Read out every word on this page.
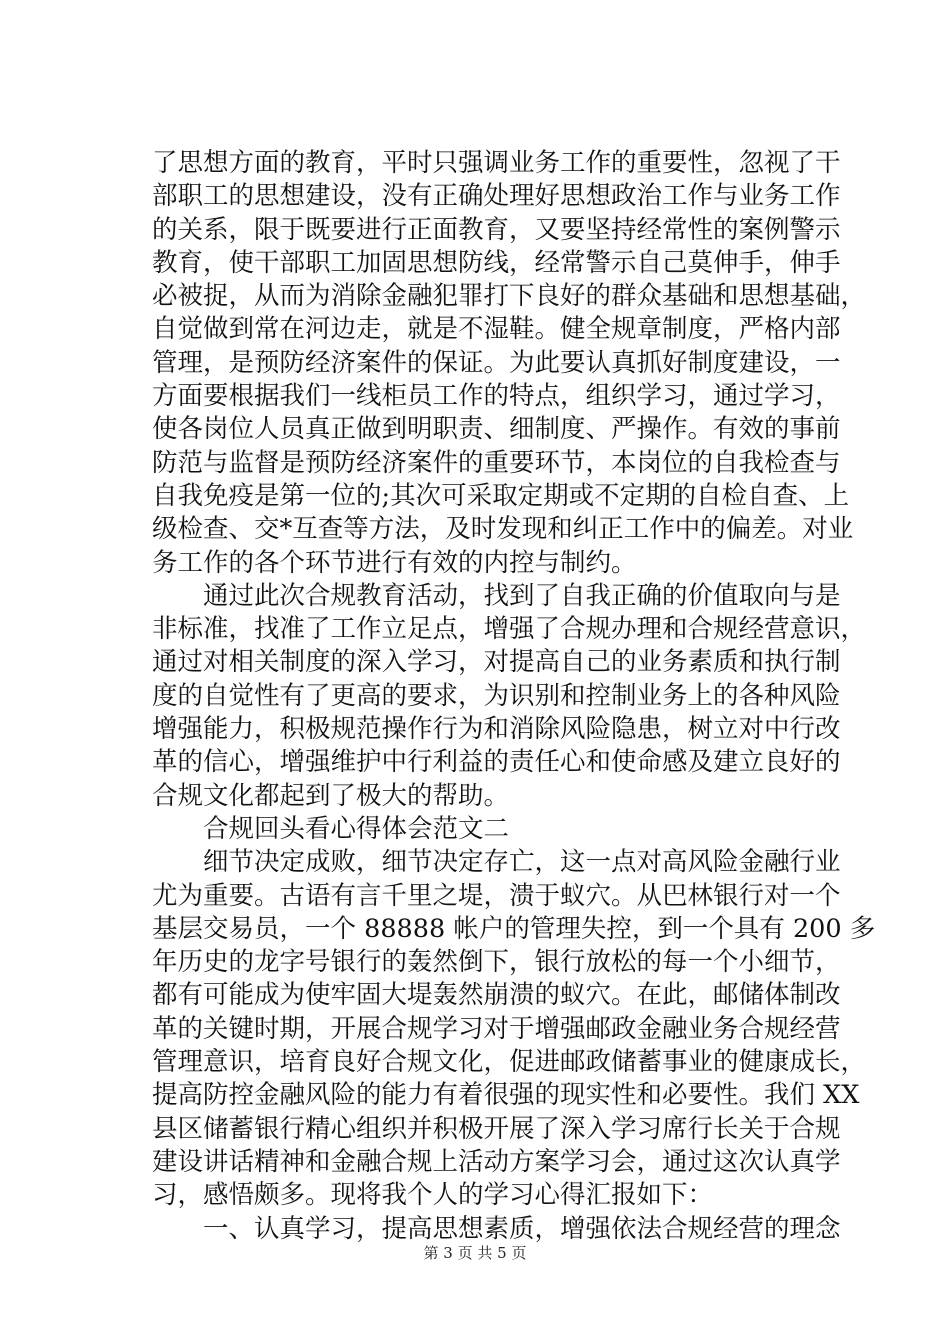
了思想方面的教育，平时只强调业务工作的重要性，忽视了干
部职工的思想建设，没有正确处理好思想政治工作与业务工作
的关系，限于既要进行正面教育，又要坚持经常性的案例警示
教育，使干部职工加固思想防线，经常警示自己莫伸手，伸手
必被捉，从而为消除金融犯罪打下良好的群众基础和思想基础，
自觉做到常在河边走，就是不湿鞋。健全规章制度，严格内部
管理，是预防经济案件的保证。为此要认真抓好制度建设，一
方面要根据我们一线柜员工作的特点，组织学习，通过学习，
使各岗位人员真正做到明职责、细制度、严操作。有效的事前
防范与监督是预防经济案件的重要环节，本岗位的自我检查与
自我免疫是第一位的;其次可采取定期或不定期的自检自查、上
级检查、交*互查等方法，及时发现和纠正工作中的偏差。对业
务工作的各个环节进行有效的内控与制约。
　　通过此次合规教育活动，找到了自我正确的价值取向与是
非标准，找准了工作立足点，增强了合规办理和合规经营意识，
通过对相关制度的深入学习，对提高自己的业务素质和执行制
度的自觉性有了更高的要求，为识别和控制业务上的各种风险
增强能力，积极规范操作行为和消除风险隐患，树立对中行改
革的信心，增强维护中行利益的责任心和使命感及建立良好的
合规文化都起到了极大的帮助。
　　合规回头看心得体会范文二
　　细节决定成败，细节决定存亡，这一点对高风险金融行业
尤为重要。古语有言千里之堤，溃于蚁穴。从巴林银行对一个
基层交易员，一个 88888 帐户的管理失控，到一个具有 200 多
年历史的龙字号银行的轰然倒下，银行放松的每一个小细节，
都有可能成为使牢固大堤轰然崩溃的蚁穴。在此，邮储体制改
革的关键时期，开展合规学习对于增强邮政金融业务合规经营
管理意识，培育良好合规文化，促进邮政储蓄事业的健康成长，
提高防控金融风险的能力有着很强的现实性和必要性。我们 XX
县区储蓄银行精心组织并积极开展了深入学习席行长关于合规
建设讲话精神和金融合规上活动方案学习会，通过这次认真学
习，感悟颇多。现将我个人的学习心得汇报如下：
　　一、认真学习，提高思想素质，增强依法合规经营的理念
第 3 页 共 5 页
